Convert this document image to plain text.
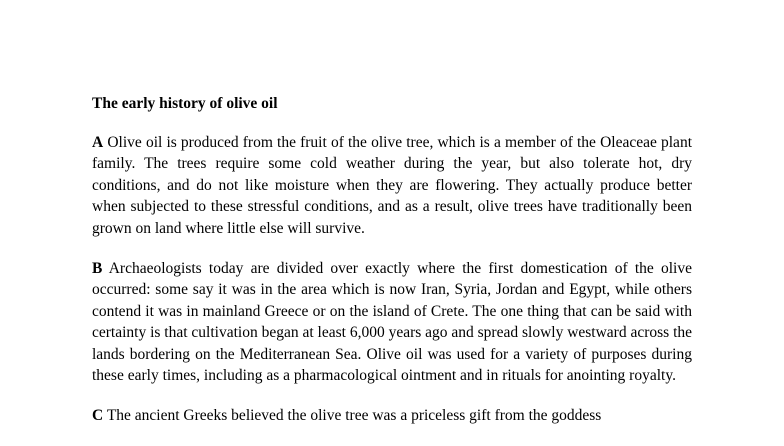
The early history of olive oil

A Olive oil is produced from the fruit of the olive tree, which is a member of the Oleaceae plant family. The trees require some cold weather during the year, but also tolerate hot, dry conditions, and do not like moisture when they are flowering. They actually produce better when subjected to these stressful conditions, and as a result, olive trees have traditionally been grown on land where little else will survive.

B Archaeologists today are divided over exactly where the first domestication of the olive occurred: some say it was in the area which is now Iran, Syria, Jordan and Egypt, while others contend it was in mainland Greece or on the island of Crete. The one thing that can be said with certainty is that cultivation began at least 6,000 years ago and spread slowly westward across the lands bordering on the Mediterranean Sea. Olive oil was used for a variety of purposes during these early times, including as a pharmacological ointment and in rituals for anointing royalty.

C The ancient Greeks believed the olive tree was a priceless gift from the goddess
